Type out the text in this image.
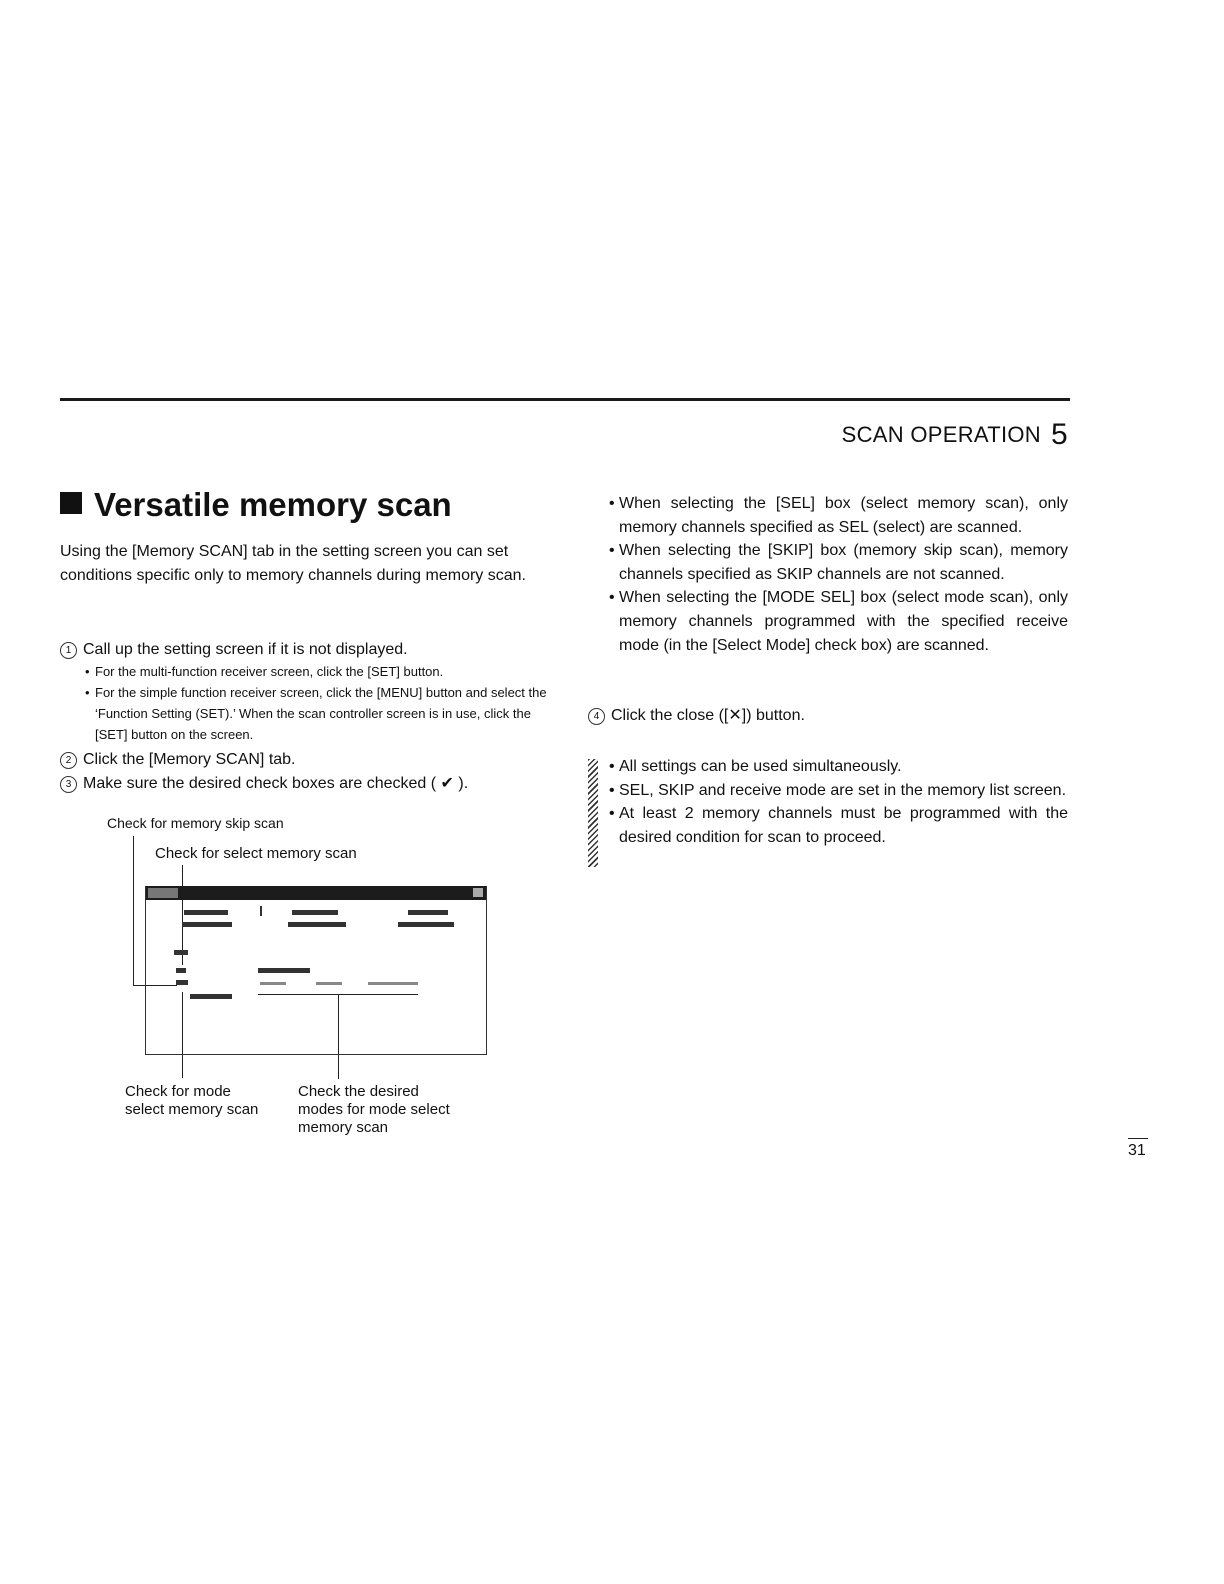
SCAN OPERATION 5
Versatile memory scan
Using the [Memory SCAN] tab in the setting screen you can set conditions specific only to memory channels during memory scan.
1 Call up the setting screen if it is not displayed.
• For the multi-function receiver screen, click the [SET] button.
• For the simple function receiver screen, click the [MENU] button and select the ‘Function Setting (SET).’ When the scan controller screen is in use, click the [SET] button on the screen.
2 Click the [Memory SCAN] tab.
3 Make sure the desired check boxes are checked ( ✔ ).
Check for memory skip scan
Check for select memory scan
Check for mode
select memory scan
Check the desired
modes for mode select
memory scan
• When selecting the [SEL] box (select memory scan), only memory channels specified as SEL (select) are scanned.
• When selecting the [SKIP] box (memory skip scan), memory channels specified as SKIP channels are not scanned.
• When selecting the [MODE SEL] box (select mode scan), only memory channels programmed with the specified receive mode (in the [Select Mode] check box) are scanned.
4 Click the close ([✕]) button.
• All settings can be used simultaneously.
• SEL, SKIP and receive mode are set in the memory list screen.
• At least 2 memory channels must be programmed with the desired condition for scan to proceed.
31
